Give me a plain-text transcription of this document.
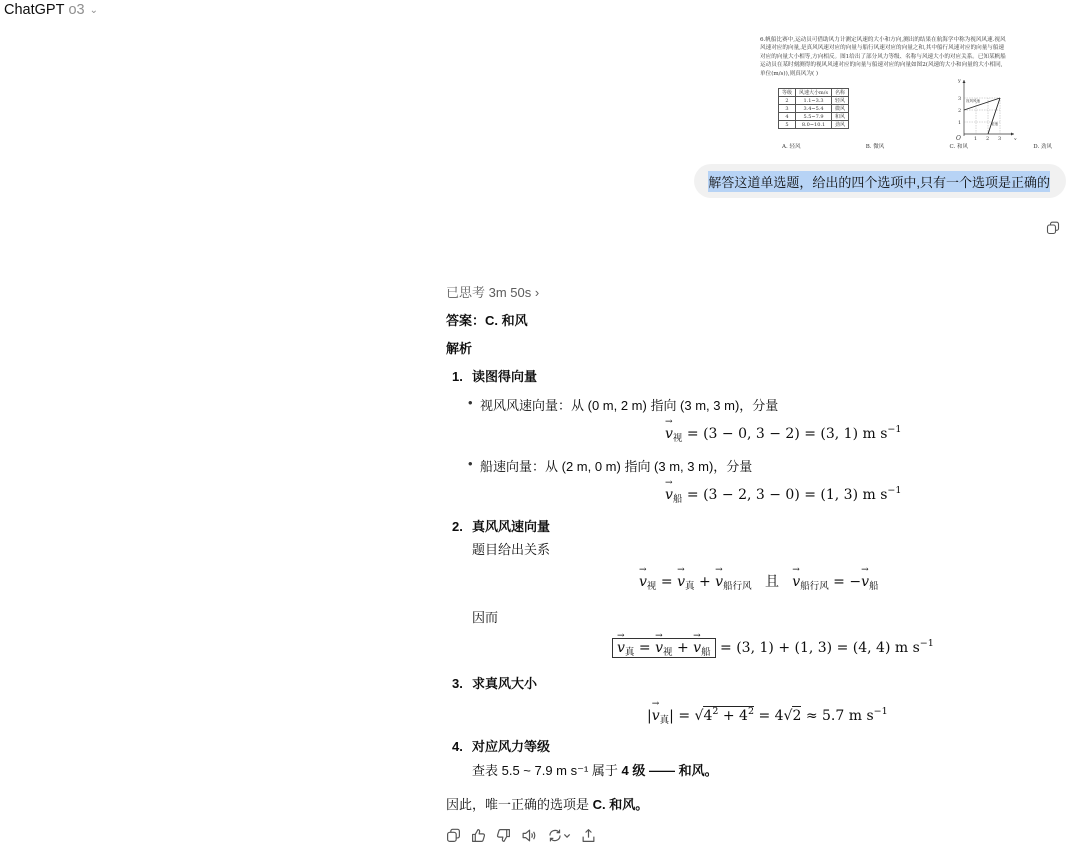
ChatGPT o3 ⌄
6.帆船比赛中,运动员可借助风力计测定风速的大小和方向,测出的结果在航海学中称为视风风速.视风
风速对应的向量,是真风风速对应的向量与船行风速对应的向量之和,其中船行风速对应的向量与船速
对应的向量大小相等,方向相反。图1给出了部分风力等级、名称与风速大小的对应关系。已知某帆船
运动员在某时刻测得的视风风速对应的向量与船速对应的向量如图2(风速的大小和向量的大小相同,
单位(m/s)),则真风为( )
等级	风速大小m/s	名称
2	1.1~3.3	轻风
3	3.4~5.4	微风
4	5.5~7.9	和风
5	8.0~10.1	劲风
y
x
O
3
2
1
1 2 3
视风风速
船速
A. 轻风	B. 微风	C. 和风	D. 劲风
解答这道单选题，给出的四个选项中,只有一个选项是正确的
已思考 3m 50s ›
答案：C. 和风
解析
1. 读图得向量
• 视风风速向量：从 (0 m, 2 m) 指向 (3 m, 3 m)，分量
→ $v_视 = (3 - 0$, 3 − 2) = (3, 1) m $s^{-1}$
• 船速向量：从 (2 m, 0 m) 指向 (3 m, 3 m)，分量
→ $v_船 = (3 - 2$, 3 − 0) = (1, 3) m $s^{-1}$
2. 真风风速向量
题目给出关系
→ $v_视$ = → $v_真$ + → $v_{船行风}$   且   → $v_{船行风}$ = −→ $v_船$
因而
→ $v_真$ = → $v_视$ + → $v_船 = (3$, 1) + (1, 3) = (4, 4) m $s^{-1}$
3. 求真风大小
|→ $v_真| = √4^2 + 4^2 = 4√2 \approx 5.7$ m $s^{-1}$
4. 对应风力等级
查表 5.5 ~ 7.9 m s⁻¹ 属于 4 级 —— 和风。
因此，唯一正确的选项是 C. 和风。
